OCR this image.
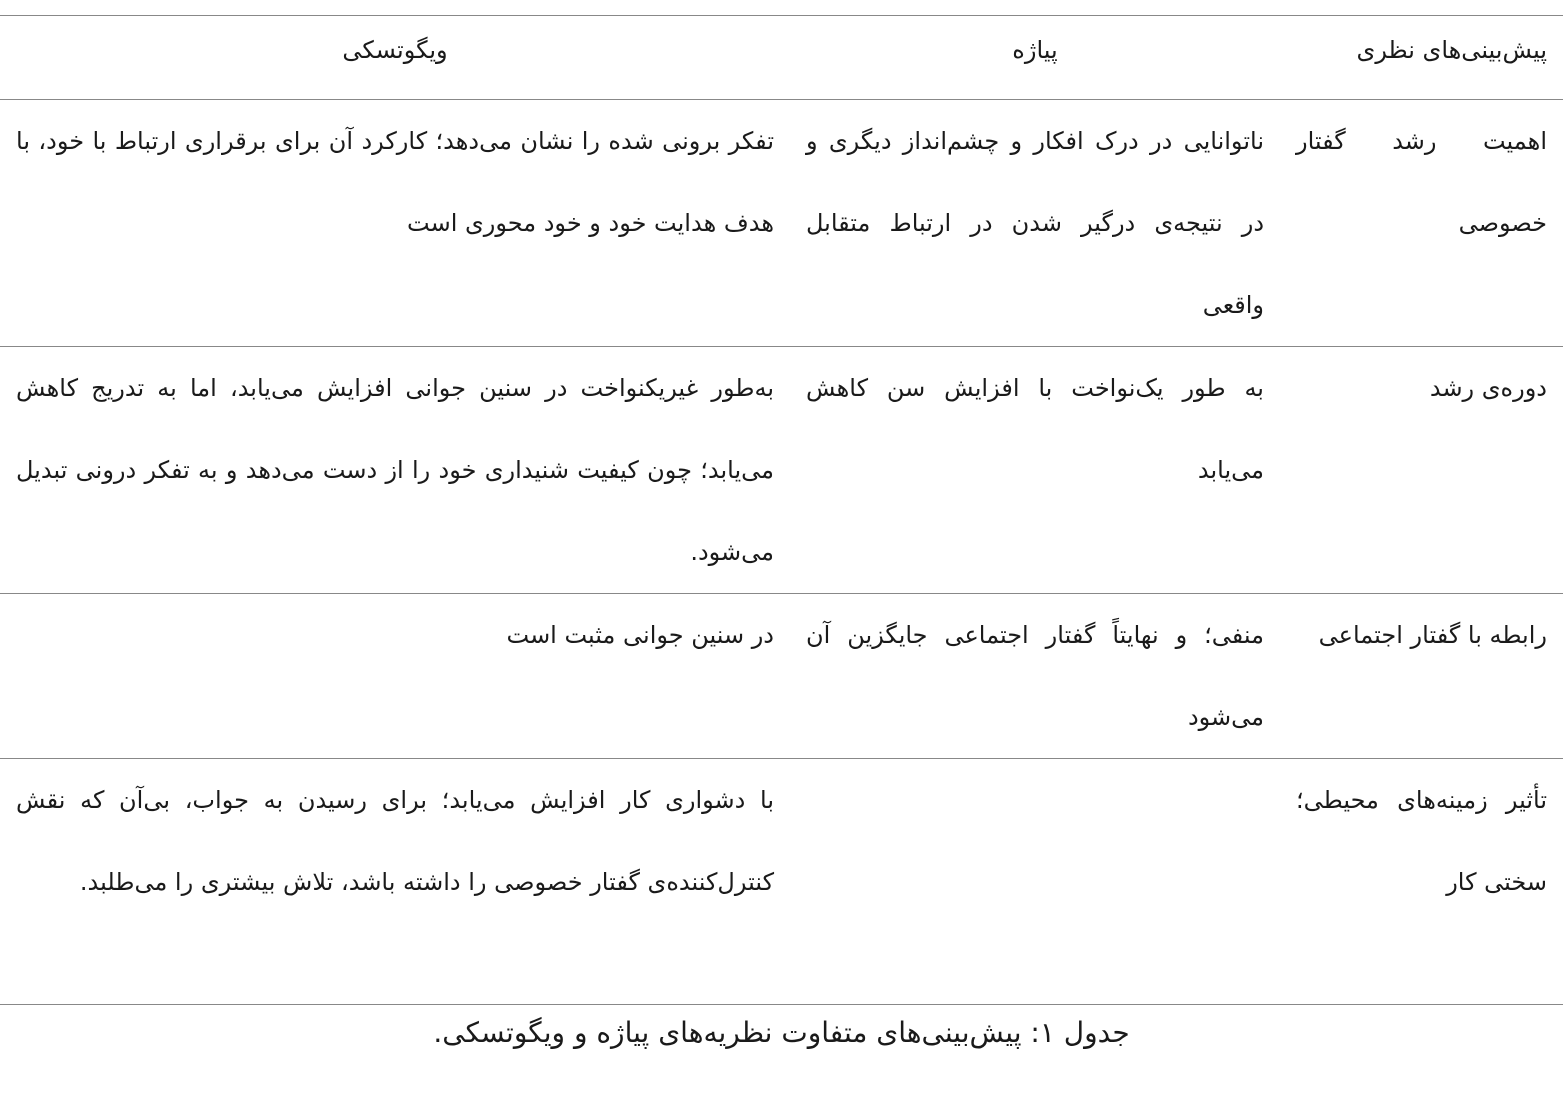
پیش‌بینی‌های نظری	پیاژه	ویگوتسکی
اهمیت رشد گفتار خصوصی	ناتوانایی در درک افکار و چشم‌انداز دیگری و در نتیجه‌ی درگیر شدن در ارتباط متقابل واقعی	تفکر برونی شده را نشان می‌دهد؛ کارکرد آن برای برقراری ارتباط با خود، با هدف هدایت خود و خود محوری است
دوره‌ی رشد	به طور یک‌نواخت با افزایش سن کاهش می‌یابد	به‌طور غیریکنواخت در سنین جوانی افزایش می‌یابد، اما به تدریج کاهش می‌یابد؛ چون کیفیت شنیداری خود را از دست می‌دهد و به تفکر درونی تبدیل می‌شود.
رابطه با گفتار اجتماعی	منفی؛ و نهایتاً گفتار اجتماعی جایگزین آن می‌شود	در سنین جوانی مثبت است
تأثیر زمینه‌های محیطی؛ سختی کار		با دشواری کار افزایش می‌یابد؛ برای رسیدن به جواب، بی‌آن که نقش کنترل‌کننده‌ی گفتار خصوصی را داشته باشد، تلاش بیشتری را می‌طلبد.
جدول ۱: پیش‌بینی‌های متفاوت نظریه‌های پیاژه و ویگوتسکی.
